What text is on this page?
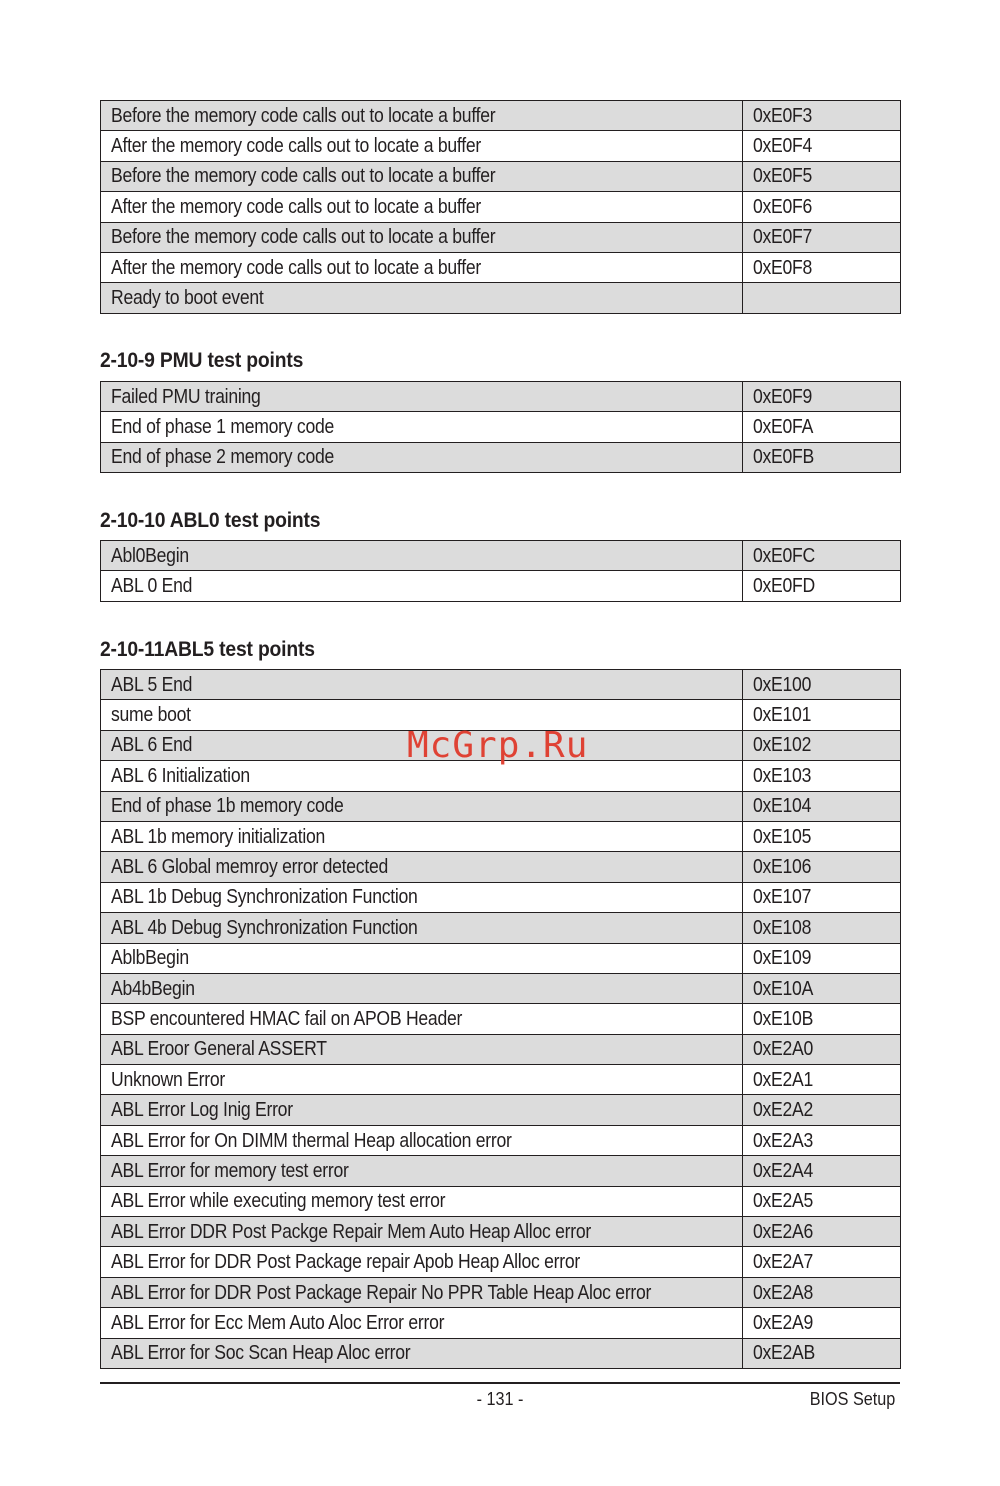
Before the memory code calls out to locate a buffer	0xE0F3
After the memory code calls out to locate a buffer	0xE0F4
Before the memory code calls out to locate a buffer	0xE0F5
After the memory code calls out to locate a buffer	0xE0F6
Before the memory code calls out to locate a buffer	0xE0F7
After the memory code calls out to locate a buffer	0xE0F8
Ready to boot event	
2-10-9 PMU test points
Failed PMU training	0xE0F9
End of phase 1 memory code	0xE0FA
End of phase 2 memory code	0xE0FB
2-10-10 ABL0 test points
Abl0Begin	0xE0FC
ABL 0 End	0xE0FD
2-10-11ABL5 test points
ABL 5 End	0xE100
sume boot	0xE101
ABL 6 End	0xE102
ABL 6 Initialization	0xE103
End of phase 1b memory code	0xE104
ABL 1b memory initialization	0xE105
ABL 6 Global memroy error detected	0xE106
ABL 1b Debug Synchronization Function	0xE107
ABL 4b Debug Synchronization Function	0xE108
AblbBegin	0xE109
Ab4bBegin	0xE10A
BSP encountered HMAC fail on APOB Header	0xE10B
ABL Eroor General ASSERT	0xE2A0
Unknown Error	0xE2A1
ABL Error Log Inig Error	0xE2A2
ABL Error for On DIMM thermal Heap allocation error	0xE2A3
ABL Error for memory test error	0xE2A4
ABL Error while executing memory test error	0xE2A5
ABL Error DDR Post Packge Repair Mem Auto Heap Alloc error	0xE2A6
ABL Error for DDR Post Package repair Apob Heap Alloc error	0xE2A7
ABL Error for DDR Post Package Repair No PPR Table Heap Aloc error	0xE2A8
ABL Error for Ecc Mem Auto Aloc Error error	0xE2A9
ABL Error for Soc Scan Heap Aloc error	0xE2AB
McGrp.Ru
- 131 -	BIOS Setup
